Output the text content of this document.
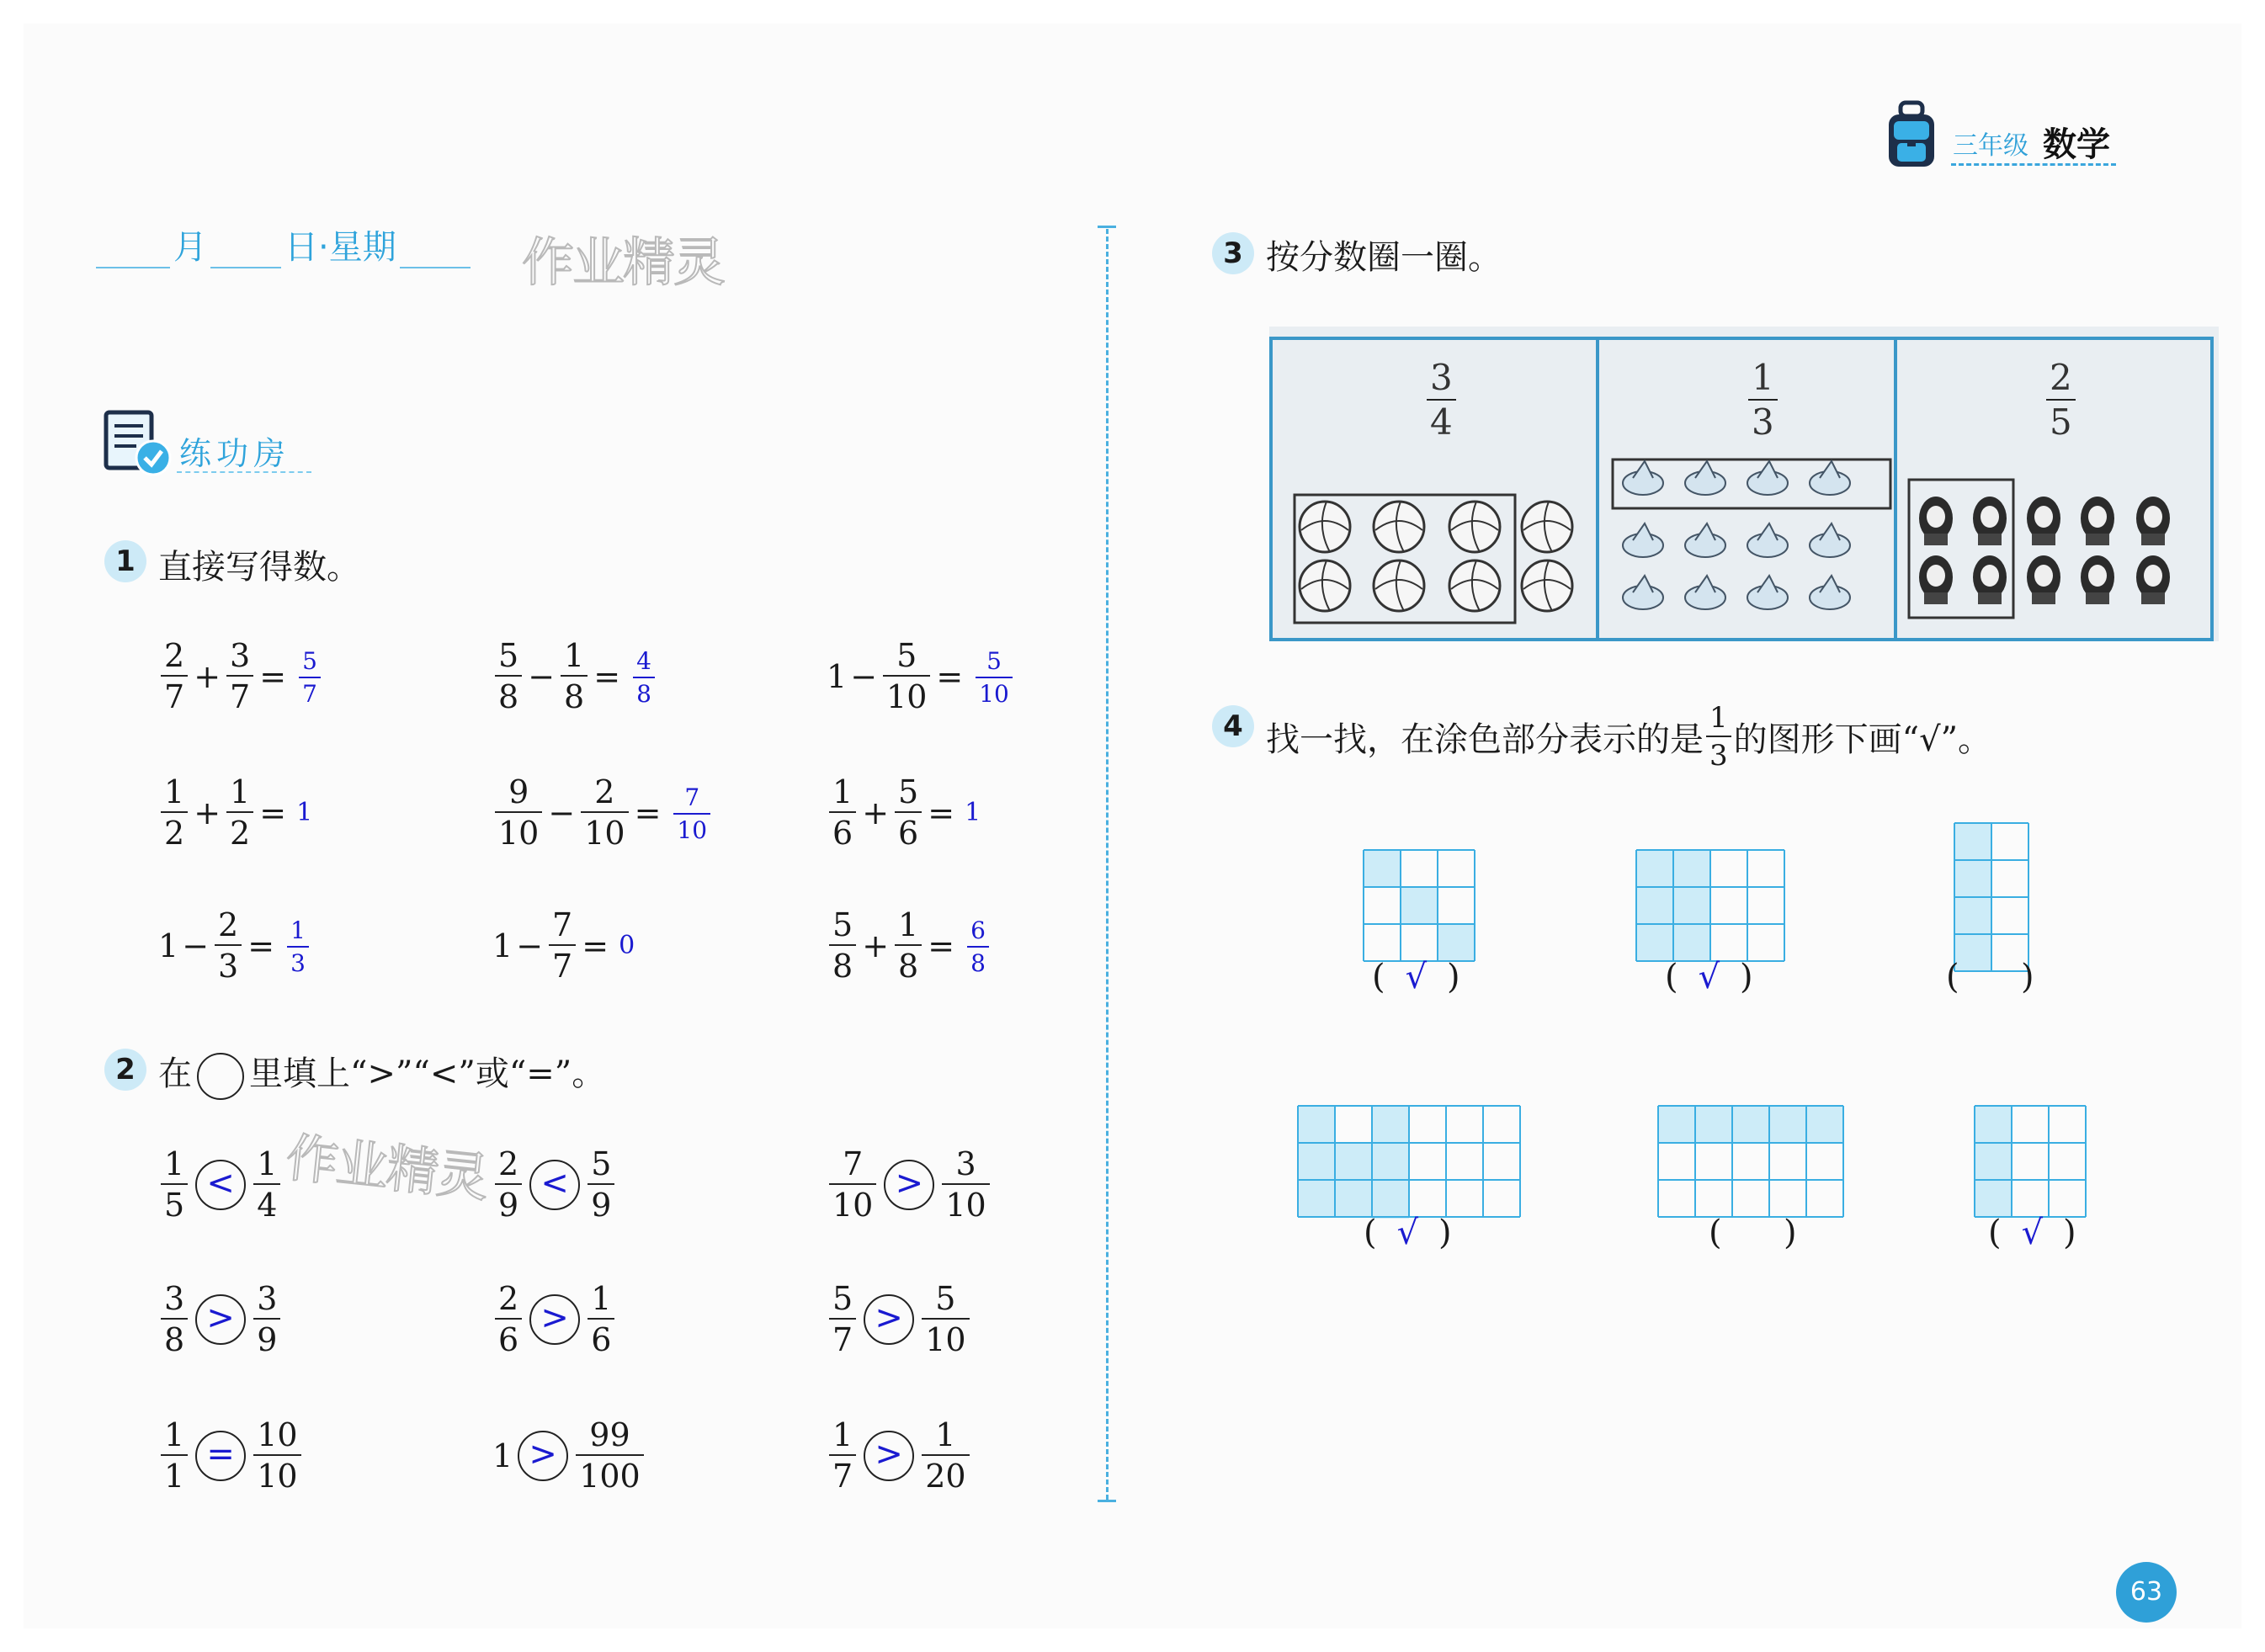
三年级 数学
月 日·星期	作业精灵
作业精灵
练功房
1 直接写得数。
$\frac{2}{7} + \frac{3}{7} = \frac{5}{7}$	$\frac{5}{8} - \frac{1}{8} = \frac{4}{8}$	$1 - \frac{5}{10} = \frac{5}{10}$
$\frac{1}{2} + \frac{1}{2} = 1$	$\frac{9}{10} - \frac{2}{10} = \frac{7}{10}$	$\frac{1}{6} + \frac{5}{6} = 1$
$1 - \frac{2}{3} = \frac{1}{3}$	$1 - \frac{7}{7} = 0$	$\frac{5}{8} + \frac{1}{8} = \frac{6}{8}$
2 在 里填上“>”“<”或“=”。
$\frac{1}{5} < \frac{1}{4}$	$\frac{2}{9} < \frac{5}{9}$	$\frac{7}{10} > \frac{3}{10}$
$\frac{3}{8} > \frac{3}{9}$	$\frac{2}{6} > \frac{1}{6}$	$\frac{5}{7} > \frac{5}{10}$
$\frac{1}{1} = \frac{10}{10}$	$1 > \frac{99}{100}$	$\frac{1}{7} > \frac{1}{20}$
3 按分数圈一圈。
$\frac{3}{4}$	$\frac{1}{3}$	$\frac{2}{5}$
4 找一找，在涂色部分表示的是 $\frac{1}{3}$ 的图形下画“√”。
( √ )	( √ )	(  )
( √ )	(  )	( √ )
63
